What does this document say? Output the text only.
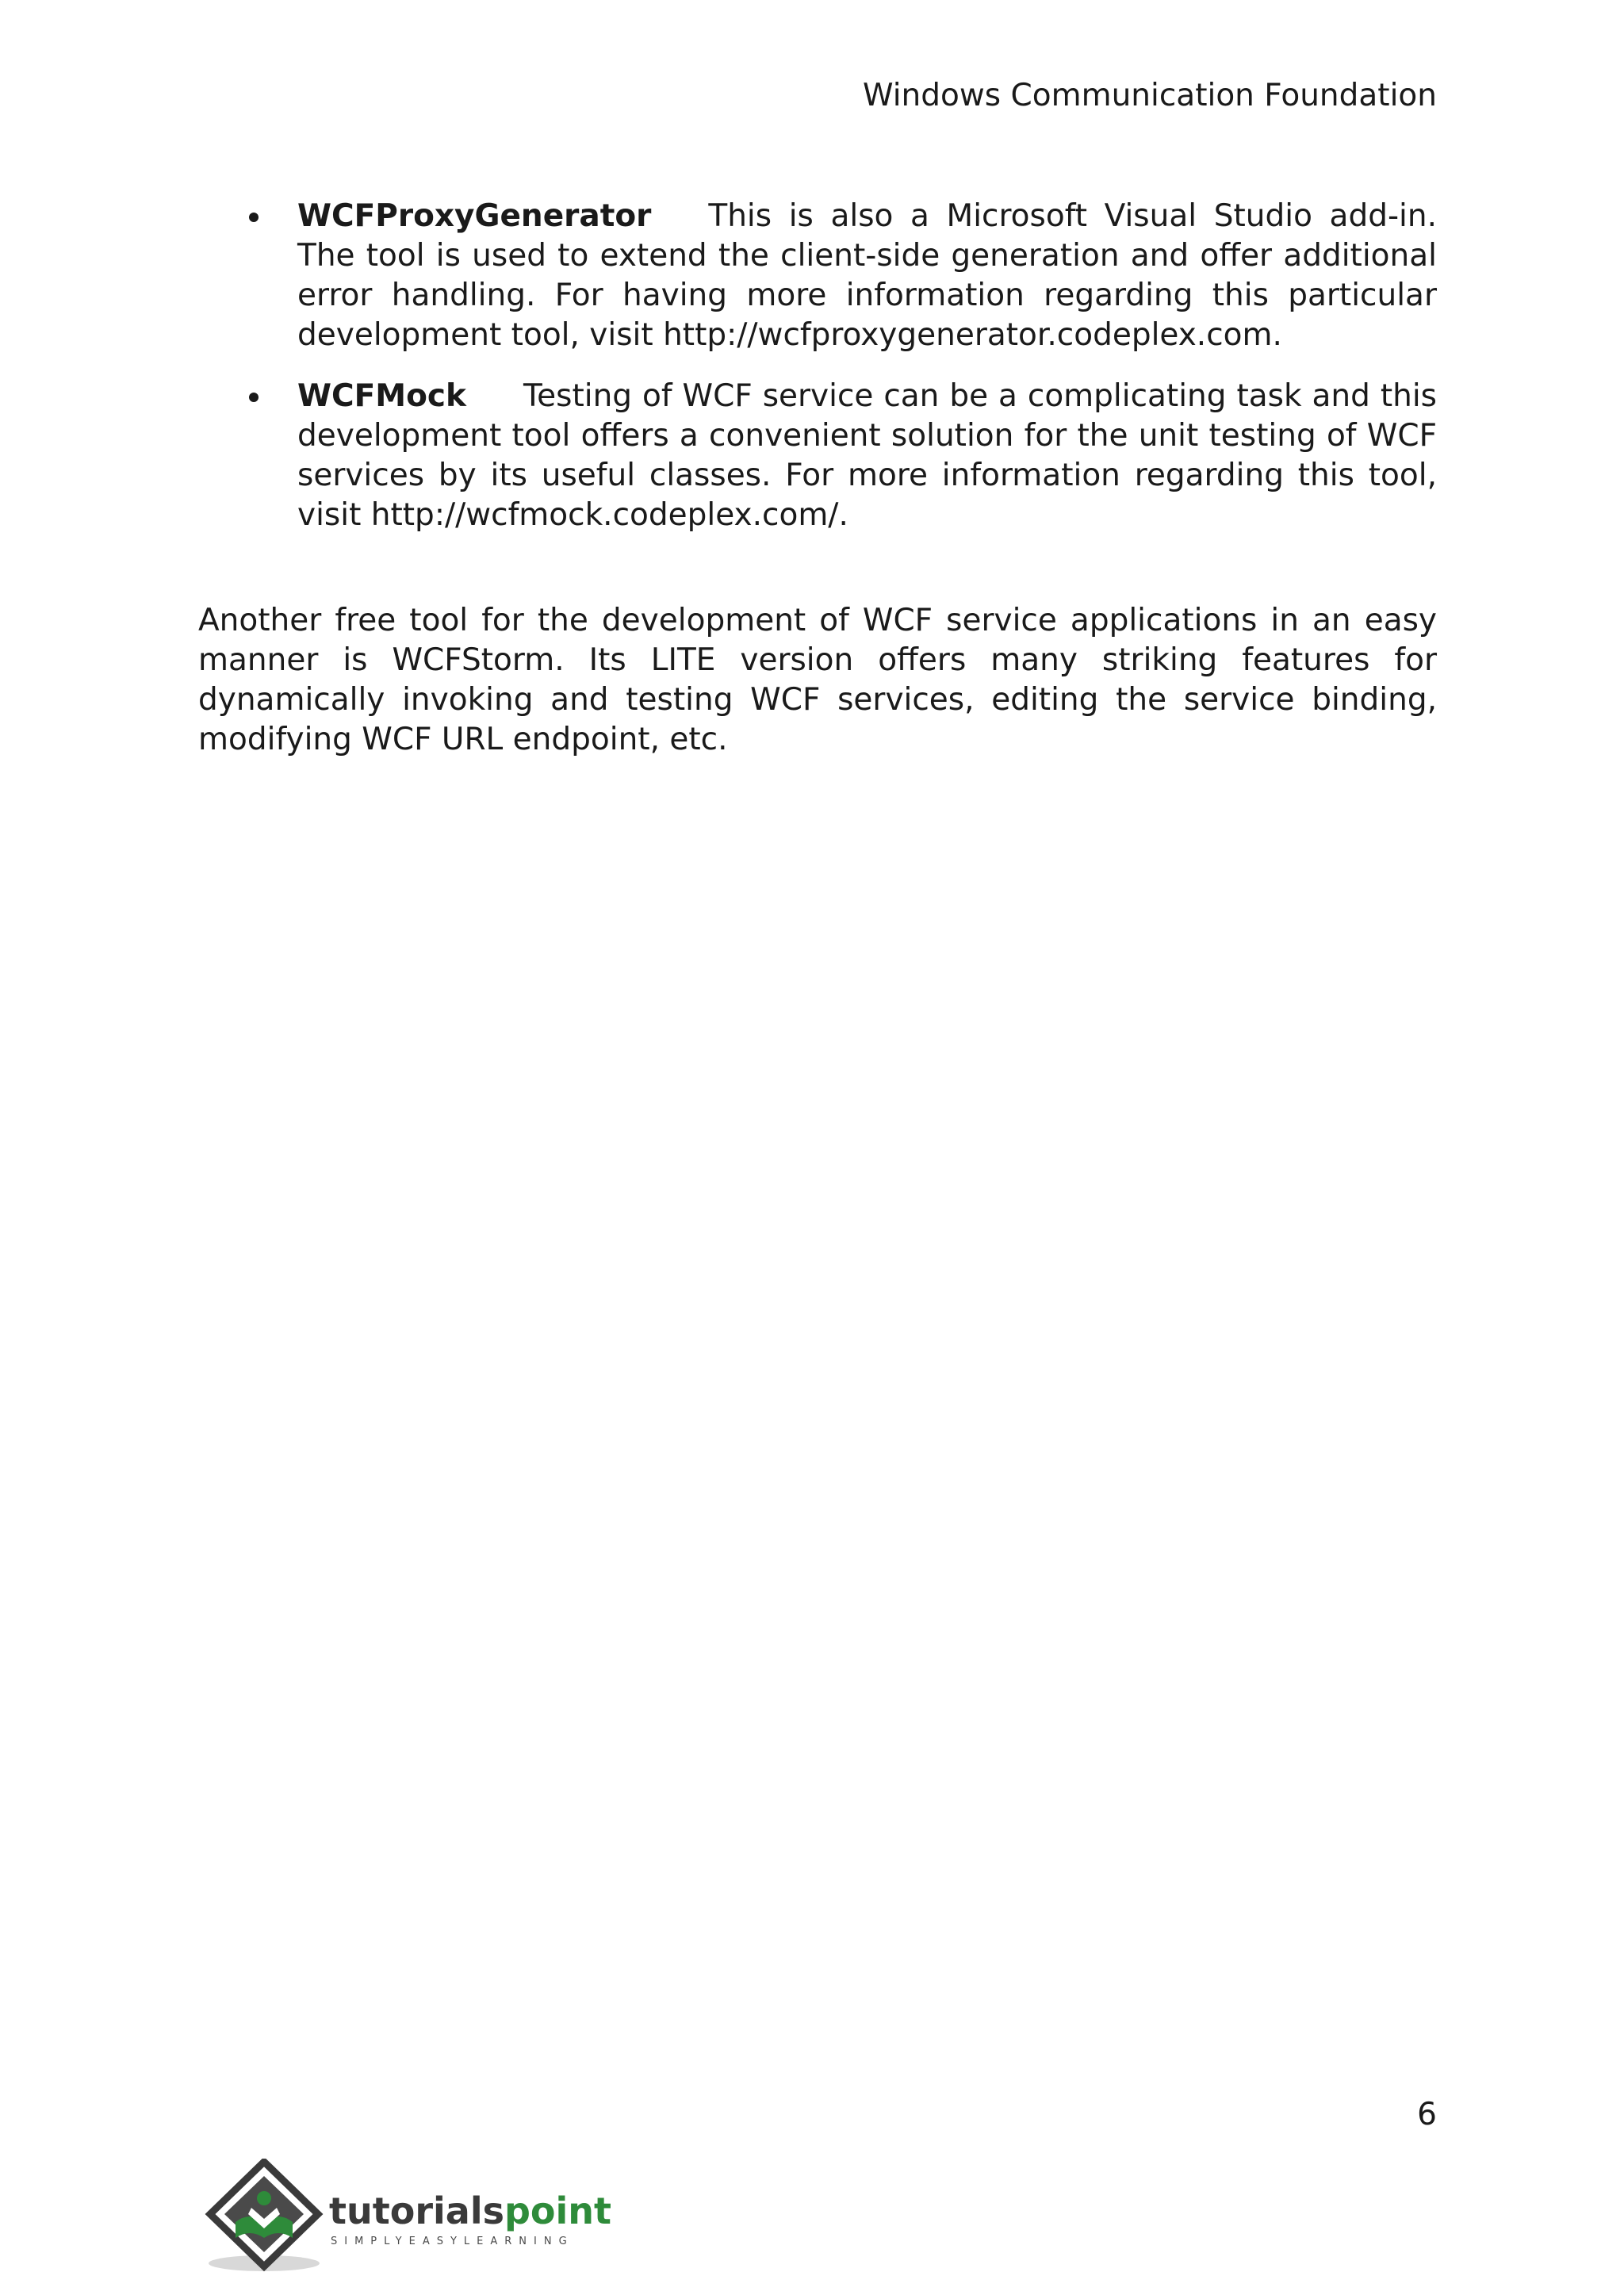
Windows Communication Foundation
WCFProxyGenerator This is also a Microsoft Visual Studio add-in. The tool is used to extend the client-side generation and offer additional error handling. For having more information regarding this particular development tool, visit http://wcfproxygenerator.codeplex.com.
WCFMock Testing of WCF service can be a complicating task and this development tool offers a convenient solution for the unit testing of WCF services by its useful classes. For more information regarding this tool, visit http://wcfmock.codeplex.com/.

Another free tool for the development of WCF service applications in an easy manner is WCFStorm. Its LITE version offers many striking features for dynamically invoking and testing WCF services, editing the service binding, modifying WCF URL endpoint, etc.

6
tutorialspoint
SIMPLYEASYLEARNING
